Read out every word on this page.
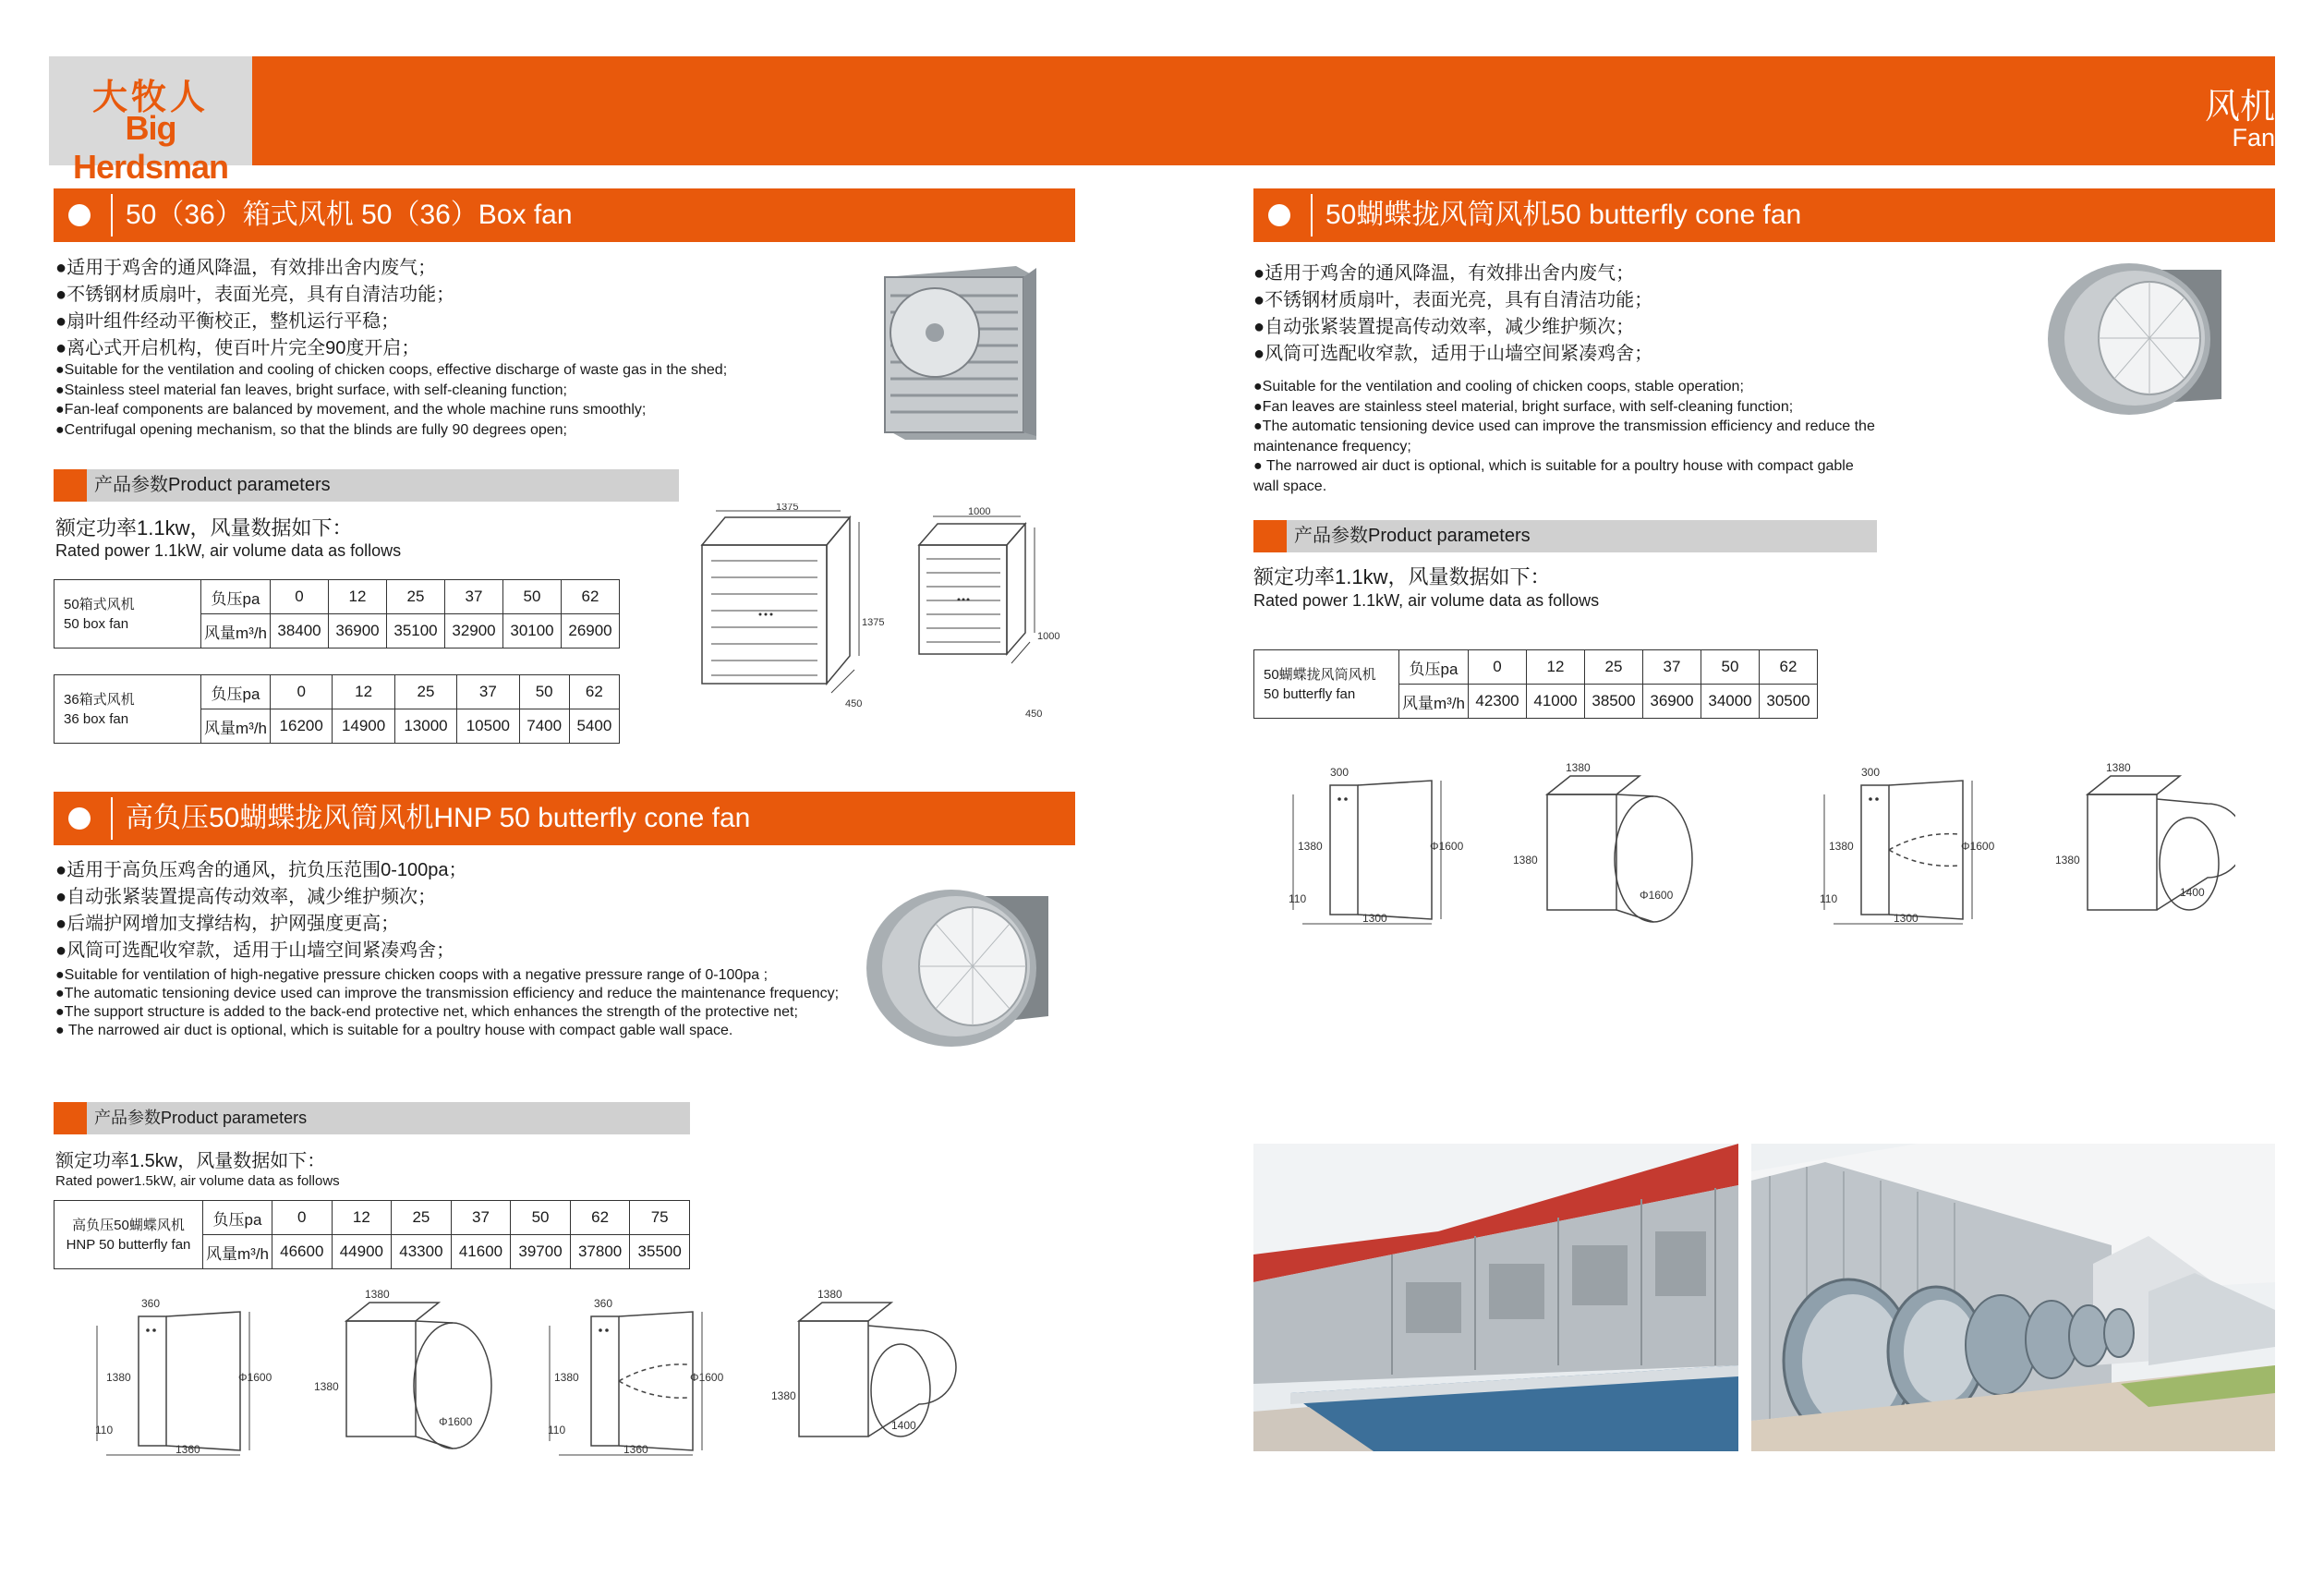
大牧人
Big Herdsman
风机
Fan
50（36）箱式风机 50（36）Box fan
●适用于鸡舍的通风降温，有效排出舍内废气；
●不锈钢材质扇叶，表面光亮，具有自清洁功能；
●扇叶组件经动平衡校正，整机运行平稳；
●离心式开启机构，使百叶片完全90度开启；
●Suitable for the ventilation and cooling of chicken coops, effective discharge of waste gas in the shed;
●Stainless steel material fan leaves, bright surface, with self-cleaning function;
●Fan-leaf components are balanced by movement, and the whole machine runs smoothly;
●Centrifugal opening mechanism, so that the blinds are fully 90 degrees open;
产品参数Product parameters
额定功率1.1kw，风量数据如下：
Rated power 1.1kW, air volume data as follows
50箱式风机
50 box fan	负压pa	0	12	25	37	50	62
	风量m³/h	38400	36900	35100	32900	30100	26900
36箱式风机
36 box fan	负压pa	0	12	25	37	50	62
	风量m³/h	16200	14900	13000	10500	7400	5400
1375
1375
450
1000
1000
450
高负压50蝴蝶拢风筒风机HNP 50 butterfly cone fan
●适用于高负压鸡舍的通风，抗负压范围0-100pa；
●自动张紧装置提高传动效率，减少维护频次；
●后端护网增加支撑结构，护网强度更高；
●风筒可选配收窄款，适用于山墙空间紧凑鸡舍；
●Suitable for ventilation of high-negative pressure chicken coops with a negative pressure range of 0-100pa ;
●The automatic tensioning device used can improve the transmission efficiency and reduce the maintenance frequency;
●The support structure is added to the back-end protective net, which enhances the strength of the protective net;
● The narrowed air duct is optional, which is suitable for a poultry house with compact gable wall space.
产品参数Product parameters
额定功率1.5kw，风量数据如下：
Rated power1.5kW, air volume data as follows
高负压50蝴蝶风机
HNP 50 butterfly fan	负压pa	0	12	25	37	50	62	75
	风量m³/h	46600	44900	43300	41600	39700	37800	35500
360
1380	Φ1600
110
1360
1380
1380
Φ1600
360
1380	Φ1600
110
1360
1380
1380
1400
50蝴蝶拢风筒风机50 butterfly cone fan
●适用于鸡舍的通风降温，有效排出舍内废气；
●不锈钢材质扇叶，表面光亮，具有自清洁功能；
●自动张紧装置提高传动效率，减少维护频次；
●风筒可选配收窄款，适用于山墙空间紧凑鸡舍；
●Suitable for the ventilation and cooling of chicken coops, stable operation;
●Fan leaves are stainless steel material, bright surface, with self-cleaning function;
●The automatic tensioning device used can improve the transmission efficiency and reduce the maintenance frequency;
● The narrowed air duct is optional, which is suitable for a poultry house with compact gable wall space.
产品参数Product parameters
额定功率1.1kw，风量数据如下：
Rated power 1.1kW, air volume data as follows
50蝴蝶拢风筒风机
50 butterfly fan	负压pa	0	12	25	37	50	62
	风量m³/h	42300	41000	38500	36900	34000	30500
300
1380	Φ1600
110
1300
1380
1380
Φ1600
300
1380	Φ1600
110
1300
1380
1380
1400
